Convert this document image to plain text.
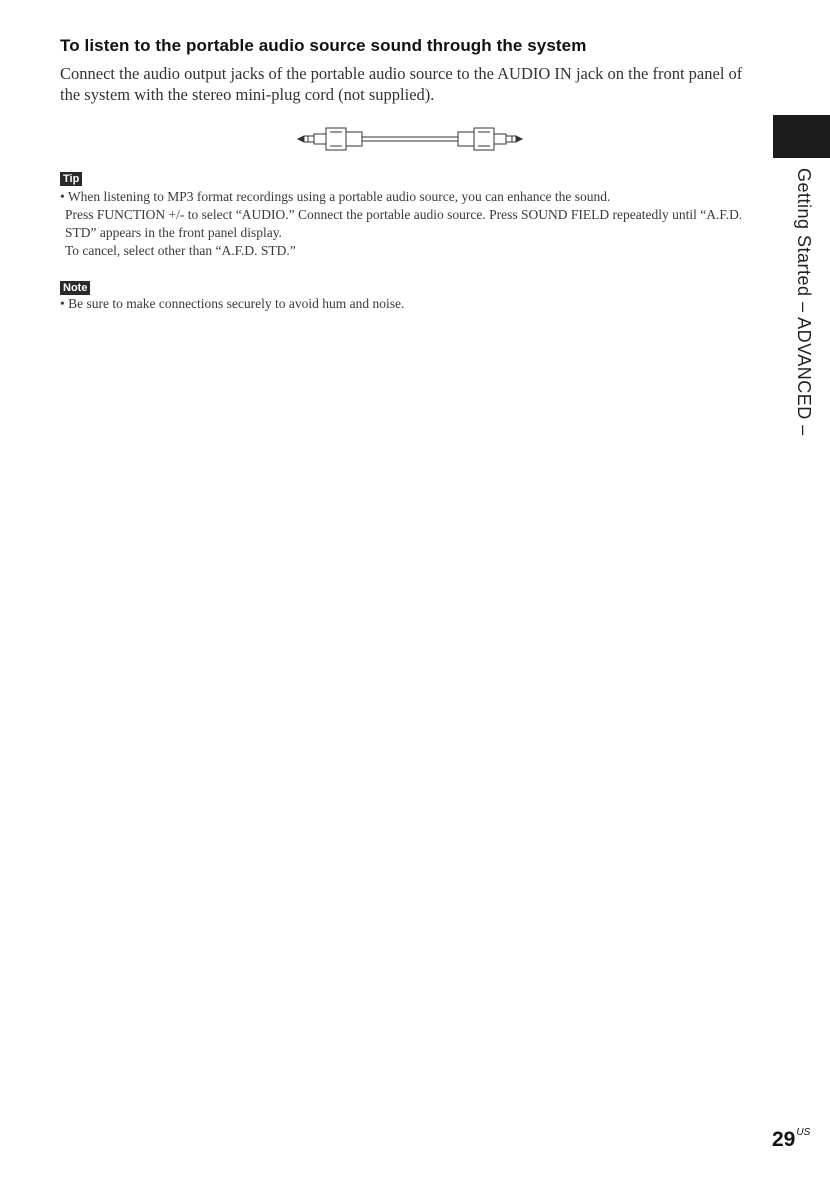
To listen to the portable audio source sound through the system

Connect the audio output jacks of the portable audio source to the AUDIO IN jack on the front panel of the system with the stereo mini-plug cord (not supplied).

Tip

• When listening to MP3 format recordings using a portable audio source, you can enhance the sound.

Press FUNCTION +/- to select “AUDIO.” Connect the portable audio source. Press SOUND FIELD repeatedly until “A.F.D. STD” appears in the front panel display.

To cancel, select other than “A.F.D. STD.”

Note

• Be sure to make connections securely to avoid hum and noise.	Getting Started – ADVANCED –
$29^{US}$
